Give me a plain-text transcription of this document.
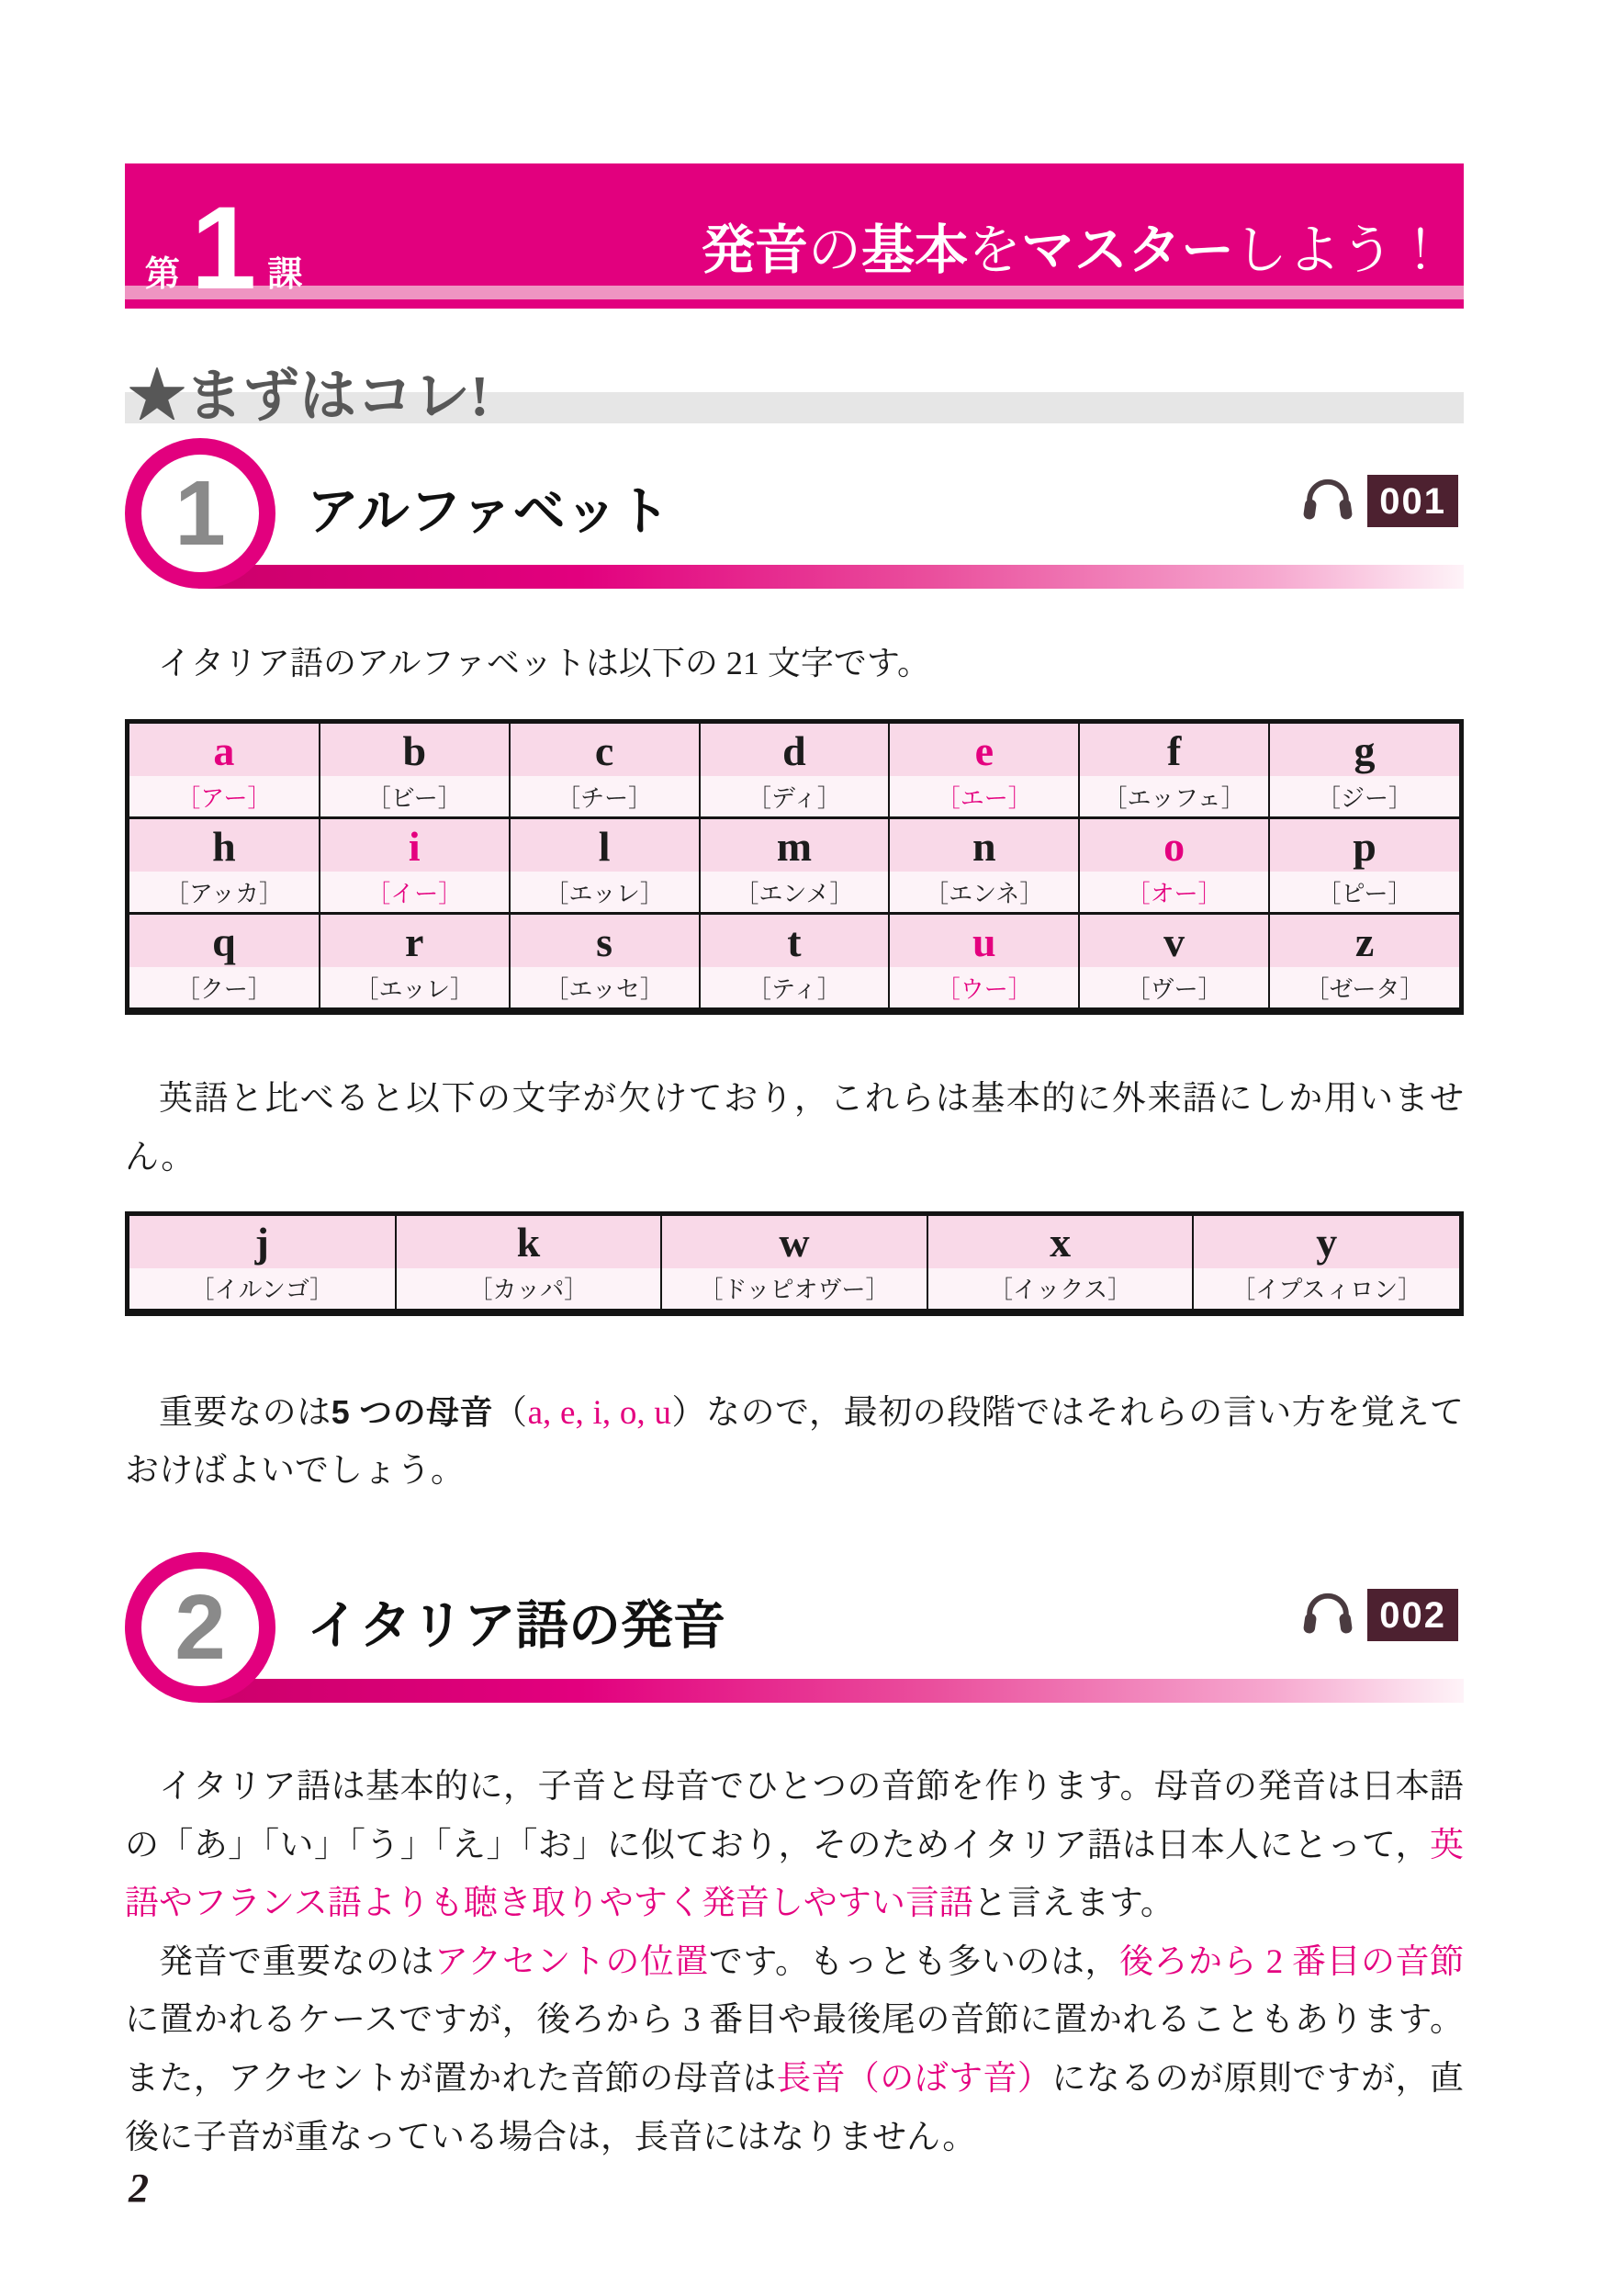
第 1 課	発音の基本をマスターしよう！
★まずはコレ!
1 アルファベット	001

イタリア語のアルファベットは以下の 21 文字です。

a	b	c	d	e	f	g
［アー］	［ビー］	［チー］	［ディ］	［エー］	［エッフェ］	［ジー］
h	i	l	m	n	o	p
［アッカ］	［イー］	［エッレ］	［エンメ］	［エンネ］	［オー］	［ピー］
q	r	s	t	u	v	z
［クー］	［エッレ］	［エッセ］	［ティ］	［ウー］	［ヴー］	［ゼータ］

英語と比べると以下の文字が欠けており，これらは基本的に外来語にしか用いません。

j	k	w	x	y
［イルンゴ］	［カッパ］	［ドッピオヴー］	［イックス］	［イプスィロン］

重要なのは5 つの母音（a, e, i, o, u）なので，最初の段階ではそれらの言い方を覚えておけばよいでしょう。

2 イタリア語の発音	002

イタリア語は基本的に，子音と母音でひとつの音節を作ります。母音の発音は日本語の「あ」「い」「う」「え」「お」に似ており，そのためイタリア語は日本人にとって，英語やフランス語よりも聴き取りやすく発音しやすい言語と言えます。

発音で重要なのはアクセントの位置です。もっとも多いのは，後ろから 2 番目の音節に置かれるケースですが，後ろから 3 番目や最後尾の音節に置かれることもあります。また，アクセントが置かれた音節の母音は長音（のばす音）になるのが原則ですが，直後に子音が重なっている場合は，長音にはなりません。

2
